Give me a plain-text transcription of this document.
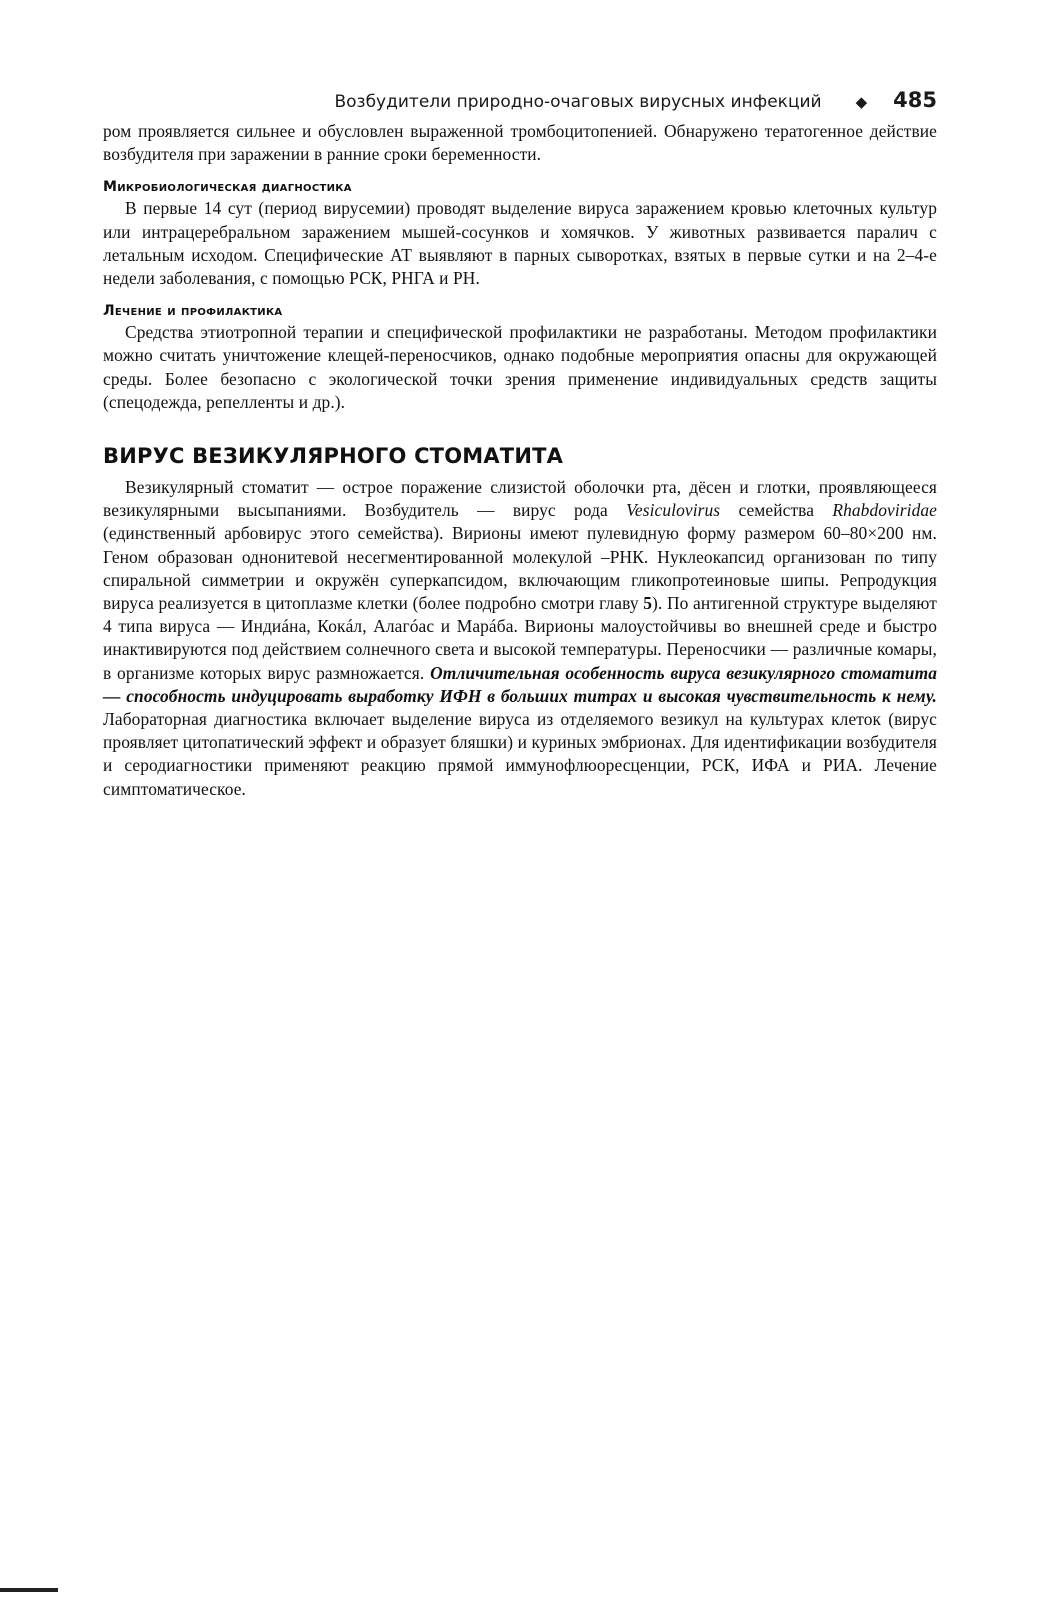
Возбудители природно-очаговых вирусных инфекций ◆ 485

ром проявляется сильнее и обусловлен выраженной тромбоцитопенией. Обнаружено тератогенное действие возбудителя при заражении в ранние сроки беременности.

Микробиологическая диагностика

В первые 14 сут (период вирусемии) проводят выделение вируса заражением кровью клеточных культур или интрацеребральном заражением мышей-сосунков и хомячков. У животных развивается паралич с летальным исходом. Специфические АТ выявляют в парных сыворотках, взятых в первые сутки и на 2–4-е недели заболевания, с помощью РСК, РНГА и РН.

Лечение и профилактика

Средства этиотропной терапии и специфической профилактики не разработаны. Методом профилактики можно считать уничтожение клещей-переносчиков, однако подобные мероприятия опасны для окружающей среды. Более безопасно с экологической точки зрения применение индивидуальных средств защиты (спецодежда, репелленты и др.).

ВИРУС ВЕЗИКУЛЯРНОГО СТОМАТИТА

Везикулярный стоматит — острое поражение слизистой оболочки рта, дёсен и глотки, проявляющееся везикулярными высыпаниями. Возбудитель — вирус рода Vesiculovirus семейства Rhabdoviridae (единственный арбовирус этого семейства). Вирионы имеют пулевидную форму размером 60–80×200 нм. Геном образован однонитевой несегментированной молекулой –РНК. Нуклеокапсид организован по типу спиральной симметрии и окружён суперкапсидом, включающим гликопротеиновые шипы. Репродукция вируса реализуется в цитоплазме клетки (более подробно смотри главу 5). По антигенной структуре выделяют 4 типа вируса — Индиáна, Кокáл, Алагóас и Марáба. Вирионы малоустойчивы во внешней среде и быстро инактивируются под действием солнечного света и высокой температуры. Переносчики — различные комары, в организме которых вирус размножается. Отличительная особенность вируса везикулярного стоматита — способность индуцировать выработку ИФН в больших титрах и высокая чувствительность к нему. Лабораторная диагностика включает выделение вируса из отделяемого везикул на культурах клеток (вирус проявляет цитопатический эффект и образует бляшки) и куриных эмбрионах. Для идентификации возбудителя и серодиагностики применяют реакцию прямой иммунофлюоресценции, РСК, ИФА и РИА. Лечение симптоматическое.
